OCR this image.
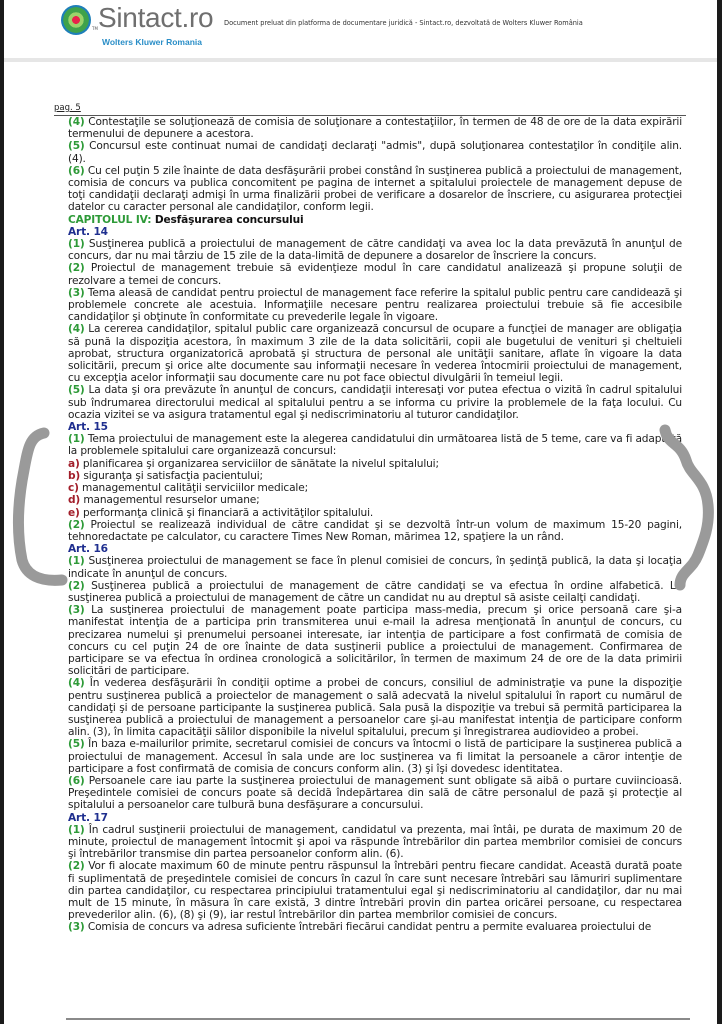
TM Sintact.ro
Wolters Kluwer Romania
Document preluat din platforma de documentare juridică - Sintact.ro, dezvoltată de Wolters Kluwer România
pag. 5

(4) Contestaţile se soluţionează de comisia de soluţionare a contestaţiilor, în termen de 48 de ore de la data expirării termenului de depunere a acestora.

(5) Concursul este continuat numai de candidaţi declaraţi "admis", după soluţionarea contestaţilor în condiţile alin. (4).

(6) Cu cel puţin 5 zile înainte de data desfăşurării probei constând în susţinerea publică a proiectului de management, comisia de concurs va publica concomitent pe pagina de internet a spitalului proiectele de management depuse de toţi candidaţii declaraţi admişi în urma finalizării probei de verificare a dosarelor de înscriere, cu asigurarea protecţiei datelor cu caracter personal ale candidaţilor, conform legii.

CAPITOLUL IV: Desfăşurarea concursului

Art. 14

(1) Susţinerea publică a proiectului de management de către candidaţi va avea loc la data prevăzută în anunţul de concurs, dar nu mai târziu de 15 zile de la data-limită de depunere a dosarelor de înscriere la concurs.

(2) Proiectul de management trebuie să evidenţieze modul în care candidatul analizează şi propune soluţii de rezolvare a temei de concurs.

(3) Tema aleasă de candidat pentru proiectul de management face referire la spitalul public pentru care candidează şi problemele concrete ale acestuia. Informaţiile necesare pentru realizarea proiectului trebuie să fie accesibile candidaţilor şi obţinute în conformitate cu prevederile legale în vigoare.

(4) La cererea candidaţilor, spitalul public care organizează concursul de ocupare a funcţiei de manager are obligaţia să pună la dispoziţia acestora, în maximum 3 zile de la data solicitării, copii ale bugetului de venituri şi cheltuieli aprobat, structura organizatorică aprobată şi structura de personal ale unităţii sanitare, aflate în vigoare la data solicitării, precum şi orice alte documente sau informaţii necesare în vederea întocmirii proiectului de management, cu excepţia acelor informaţii sau documente care nu pot face obiectul divulgării în temeiul legii.

(5) La data şi ora prevăzute în anunţul de concurs, candidaţii interesaţi vor putea efectua o vizită în cadrul spitalului sub îndrumarea directorului medical al spitalului pentru a se informa cu privire la problemele de la faţa locului. Cu ocazia vizitei se va asigura tratamentul egal şi nediscriminatoriu al tuturor candidaţilor.

Art. 15

(1) Tema proiectului de management este la alegerea candidatului din următoarea listă de 5 teme, care va fi adaptată la problemele spitalului care organizează concursul:

a) planificarea şi organizarea serviciilor de sănătate la nivelul spitalului;

b) siguranţa şi satisfacţia pacientului;

c) managementul calităţii serviciilor medicale;

d) managementul resurselor umane;

e) performanţa clinică şi financiară a activităţilor spitalului.

(2) Proiectul se realizează individual de către candidat şi se dezvoltă într-un volum de maximum 15-20 pagini, tehnoredactate pe calculator, cu caractere Times New Roman, mărimea 12, spaţiere la un rând.

Art. 16

(1) Susţinerea proiectului de management se face în plenul comisiei de concurs, în şedinţă publică, la data şi locaţia indicate în anunţul de concurs.

(2) Susţinerea publică a proiectului de management de către candidaţi se va efectua în ordine alfabetică. La susţinerea publică a proiectului de management de către un candidat nu au dreptul să asiste ceilalţi candidaţi.

(3) La susţinerea proiectului de management poate participa mass-media, precum şi orice persoană care şi-a manifestat intenţia de a participa prin transmiterea unui e-mail la adresa menţionată în anunţul de concurs, cu precizarea numelui şi prenumelui persoanei interesate, iar intenţia de participare a fost confirmată de comisia de concurs cu cel puţin 24 de ore înainte de data susţinerii publice a proiectului de management. Confirmarea de participare se va efectua în ordinea cronologică a solicitărilor, în termen de maximum 24 de ore de la data primirii solicitări de participare.

(4) În vederea desfăşurării în condiţii optime a probei de concurs, consiliul de administraţie va pune la dispoziţie pentru susţinerea publică a proiectelor de management o sală adecvată la nivelul spitalului în raport cu numărul de candidaţi şi de persoane participante la susţinerea publică. Sala pusă la dispoziţie va trebui să permită participarea la susţinerea publică a proiectului de management a persoanelor care şi-au manifestat intenţia de participare conform alin. (3), în limita capacităţii sălilor disponibile la nivelul spitalului, precum şi înregistrarea audiovideo a probei.

(5) În baza e-mailurilor primite, secretarul comisiei de concurs va întocmi o listă de participare la susţinerea publică a proiectului de management. Accesul în sala unde are loc susţinerea va fi limitat la persoanele a căror intenţie de participare a fost confirmată de comisia de concurs conform alin. (3) şi îşi dovedesc identitatea.

(6) Persoanele care iau parte la susţinerea proiectului de management sunt obligate să aibă o purtare cuviincioasă. Preşedintele comisiei de concurs poate să decidă îndepărtarea din sală de către personalul de pază şi protecţie al spitalului a persoanelor care tulbură buna desfăşurare a concursului.

Art. 17

(1) În cadrul susţinerii proiectului de management, candidatul va prezenta, mai întâi, pe durata de maximum 20 de minute, proiectul de management întocmit şi apoi va răspunde întrebărilor din partea membrilor comisiei de concurs şi întrebărilor transmise din partea persoanelor conform alin. (6).

(2) Vor fi alocate maximum 60 de minute pentru răspunsul la întrebări pentru fiecare candidat. Această durată poate fi suplimentată de preşedintele comisiei de concurs în cazul în care sunt necesare întrebări sau lămuriri suplimentare din partea candidaţilor, cu respectarea principiului tratamentului egal şi nediscriminatoriu al candidaţilor, dar nu mai mult de 15 minute, în măsura în care există, 3 dintre întrebări provin din partea oricărei persoane, cu respectarea prevederilor alin. (6), (8) şi (9), iar restul întrebărilor din partea membrilor comisiei de concurs.

(3) Comisia de concurs va adresa suficiente întrebări fiecărui candidat pentru a permite evaluarea proiectului de
